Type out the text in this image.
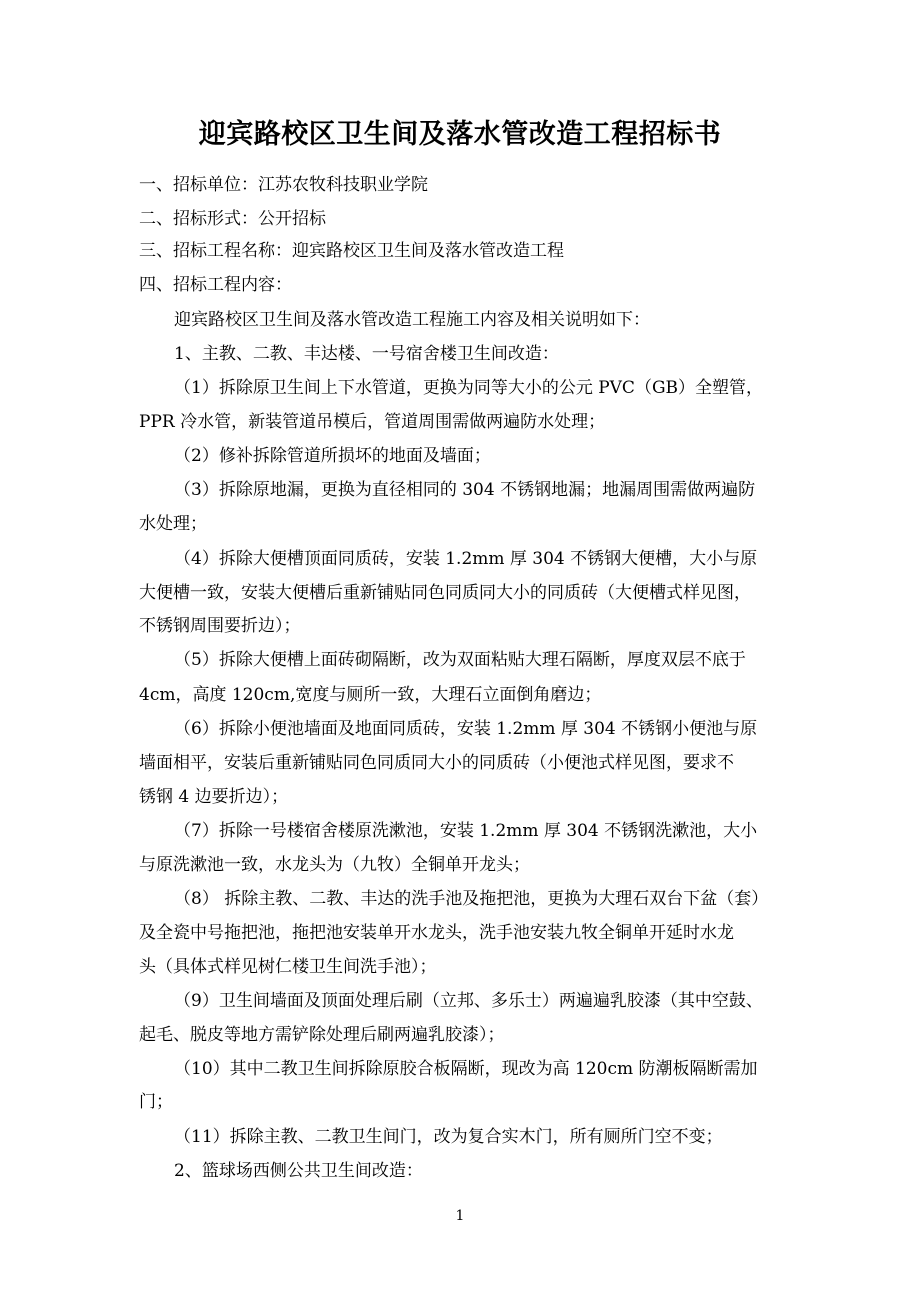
迎宾路校区卫生间及落水管改造工程招标书
一、招标单位：江苏农牧科技职业学院
二、招标形式：公开招标
三、招标工程名称：迎宾路校区卫生间及落水管改造工程
四、招标工程内容：
迎宾路校区卫生间及落水管改造工程施工内容及相关说明如下：
1、主教、二教、丰达楼、一号宿舍楼卫生间改造：
（1）拆除原卫生间上下水管道，更换为同等大小的公元 PVC（GB）全塑管，
PPR 冷水管，新装管道吊模后，管道周围需做两遍防水处理；
（2）修补拆除管道所损坏的地面及墙面；
（3）拆除原地漏，更换为直径相同的 304 不锈钢地漏；地漏周围需做两遍防
水处理；
（4）拆除大便槽顶面同质砖，安装 1.2mm 厚 304 不锈钢大便槽，大小与原
大便槽一致，安装大便槽后重新铺贴同色同质同大小的同质砖（大便槽式样见图，
不锈钢周围要折边）；
（5）拆除大便槽上面砖砌隔断，改为双面粘贴大理石隔断，厚度双层不底于
4cm，高度 120cm,宽度与厕所一致，大理石立面倒角磨边；
（6）拆除小便池墙面及地面同质砖，安装 1.2mm 厚 304 不锈钢小便池与原
墙面相平，安装后重新铺贴同色同质同大小的同质砖（小便池式样见图，要求不
锈钢 4 边要折边）；
（7）拆除一号楼宿舍楼原洗漱池，安装 1.2mm 厚 304 不锈钢洗漱池，大小
与原洗漱池一致，水龙头为（九牧）全铜单开龙头；
（8） 拆除主教、二教、丰达的洗手池及拖把池，更换为大理石双台下盆（套）
及全瓷中号拖把池，拖把池安装单开水龙头，洗手池安装九牧全铜单开延时水龙
头（具体式样见树仁楼卫生间洗手池）；
（9）卫生间墙面及顶面处理后刷（立邦、多乐士）两遍遍乳胶漆（其中空鼓、
起毛、脱皮等地方需铲除处理后刷两遍乳胶漆）；
（10）其中二教卫生间拆除原胶合板隔断，现改为高 120cm 防潮板隔断需加
门；
（11）拆除主教、二教卫生间门，改为复合实木门，所有厕所门空不变；
2、篮球场西侧公共卫生间改造：
1
